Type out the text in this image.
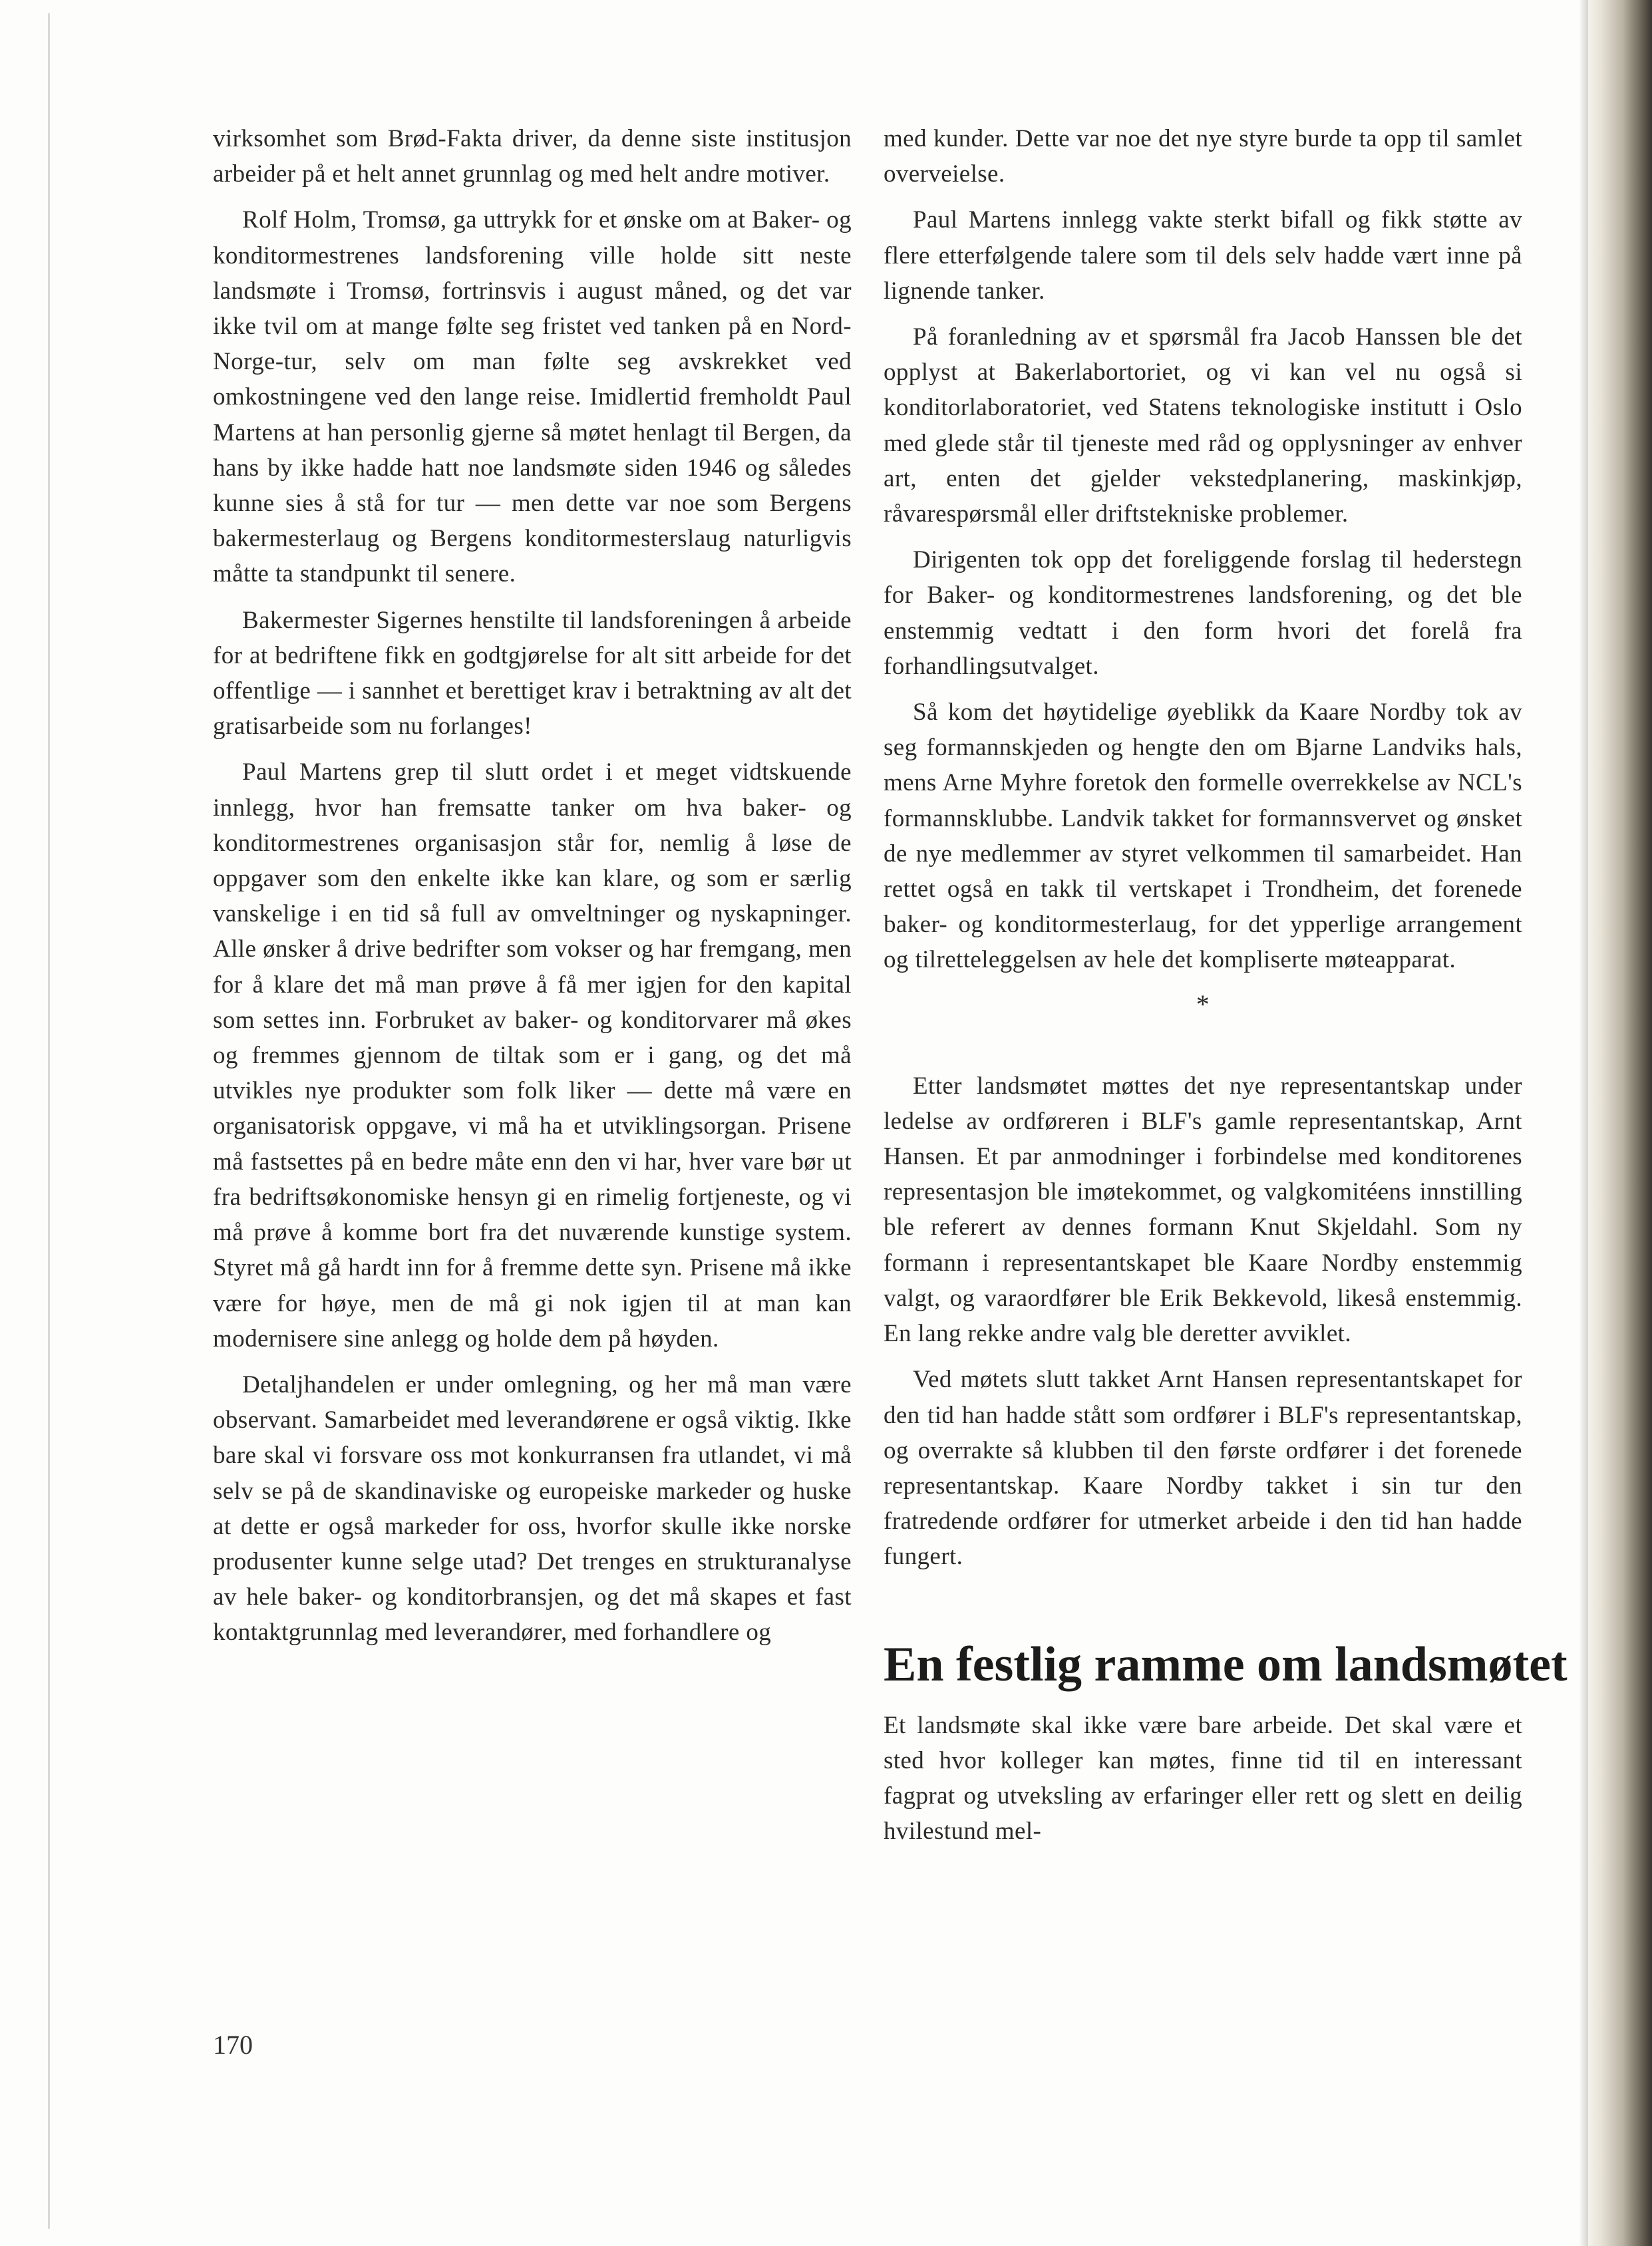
virksomhet som Brød-Fakta driver, da denne siste institusjon arbeider på et helt annet grunnlag og med helt andre motiver.

Rolf Holm, Tromsø, ga uttrykk for et ønske om at Baker- og konditormestrenes landsforening ville holde sitt neste landsmøte i Tromsø, fortrinsvis i august måned, og det var ikke tvil om at mange følte seg fristet ved tanken på en Nord-Norge-tur, selv om man følte seg avskrekket ved omkostningene ved den lange reise. Imidlertid fremholdt Paul Martens at han personlig gjerne så møtet henlagt til Bergen, da hans by ikke hadde hatt noe landsmøte siden 1946 og således kunne sies å stå for tur — men dette var noe som Bergens bakermesterlaug og Bergens konditormesterslaug naturligvis måtte ta standpunkt til senere.

Bakermester Sigernes henstilte til landsforeningen å arbeide for at bedriftene fikk en godtgjørelse for alt sitt arbeide for det offentlige — i sannhet et berettiget krav i betraktning av alt det gratisarbeide som nu forlanges!

Paul Martens grep til slutt ordet i et meget vidtskuende innlegg, hvor han fremsatte tanker om hva baker- og konditormestrenes organisasjon står for, nemlig å løse de oppgaver som den enkelte ikke kan klare, og som er særlig vanskelige i en tid så full av omveltninger og nyskapninger. Alle ønsker å drive bedrifter som vokser og har fremgang, men for å klare det må man prøve å få mer igjen for den kapital som settes inn. Forbruket av baker- og konditorvarer må økes og fremmes gjennom de tiltak som er i gang, og det må utvikles nye produkter som folk liker — dette må være en organisatorisk oppgave, vi må ha et utviklingsorgan. Prisene må fastsettes på en bedre måte enn den vi har, hver vare bør ut fra bedriftsøkonomiske hensyn gi en rimelig fortjeneste, og vi må prøve å komme bort fra det nuværende kunstige system. Styret må gå hardt inn for å fremme dette syn. Prisene må ikke være for høye, men de må gi nok igjen til at man kan modernisere sine anlegg og holde dem på høyden.

Detaljhandelen er under omlegning, og her må man være observant. Samarbeidet med leverandørene er også viktig. Ikke bare skal vi forsvare oss mot konkurransen fra utlandet, vi må selv se på de skandinaviske og europeiske markeder og huske at dette er også markeder for oss, hvorfor skulle ikke norske produsenter kunne selge utad? Det trenges en strukturanalyse av hele baker- og konditorbransjen, og det må skapes et fast kontaktgrunnlag med leverandører, med forhandlere og

med kunder. Dette var noe det nye styre burde ta opp til samlet overveielse.

Paul Martens innlegg vakte sterkt bifall og fikk støtte av flere etterfølgende talere som til dels selv hadde vært inne på lignende tanker.

På foranledning av et spørsmål fra Jacob Hanssen ble det opplyst at Bakerlabortoriet, og vi kan vel nu også si konditorlaboratoriet, ved Statens teknologiske institutt i Oslo med glede står til tjeneste med råd og opplysninger av enhver art, enten det gjelder vekstedplanering, maskinkjøp, råvarespørsmål eller driftstekniske problemer.

Dirigenten tok opp det foreliggende forslag til hederstegn for Baker- og konditormestrenes landsforening, og det ble enstemmig vedtatt i den form hvori det forelå fra forhandlingsutvalget.

Så kom det høytidelige øyeblikk da Kaare Nordby tok av seg formannskjeden og hengte den om Bjarne Landviks hals, mens Arne Myhre foretok den formelle overrekkelse av NCL's formannsklubbe. Landvik takket for formannsvervet og ønsket de nye medlemmer av styret velkommen til samarbeidet. Han rettet også en takk til vertskapet i Trondheim, det forenede baker- og konditormesterlaug, for det ypperlige arrangement og tilretteleggelsen av hele det kompliserte møteapparat.

*

Etter landsmøtet møttes det nye representantskap under ledelse av ordføreren i BLF's gamle representantskap, Arnt Hansen. Et par anmodninger i forbindelse med konditorenes representasjon ble imøtekommet, og valgkomitéens innstilling ble referert av dennes formann Knut Skjeldahl. Som ny formann i representantskapet ble Kaare Nordby enstemmig valgt, og varaordfører ble Erik Bekkevold, likeså enstemmig. En lang rekke andre valg ble deretter avviklet.

Ved møtets slutt takket Arnt Hansen representantskapet for den tid han hadde stått som ordfører i BLF's representantskap, og overrakte så klubben til den første ordfører i det forenede representantskap. Kaare Nordby takket i sin tur den fratredende ordfører for utmerket arbeide i den tid han hadde fungert.

En festlig ramme om landsmøtet

Et landsmøte skal ikke være bare arbeide. Det skal være et sted hvor kolleger kan møtes, finne tid til en interessant fagprat og utveksling av erfaringer eller rett og slett en deilig hvilestund mel-

170
